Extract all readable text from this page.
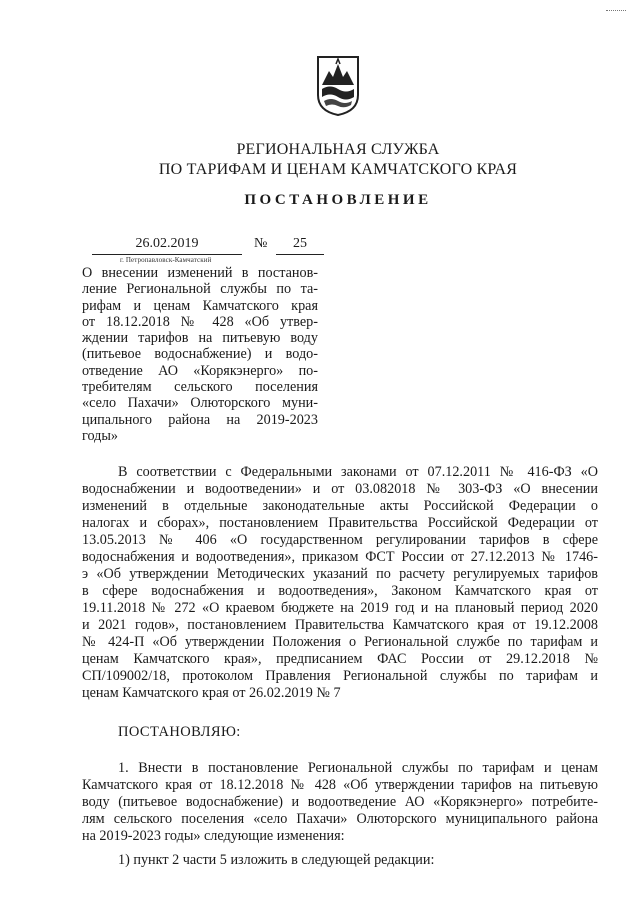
РЕГИОНАЛЬНАЯ СЛУЖБА
ПО ТАРИФАМ И ЦЕНАМ КАМЧАТСКОГО КРАЯ
ПОСТАНОВЛЕНИЕ
26.02.2019	№	25
г. Петропавловск-Камчатский
О внесении изменений в постанов-
ление Региональной службы по та-
рифам и ценам Камчатского края
от 18.12.2018 № 428 «Об утвер-
ждении тарифов на питьевую воду
(питьевое водоснабжение) и водо-
отведение АО «Корякэнерго» по-
требителям сельского поселения
«село Пахачи» Олюторского муни-
ципального района на 2019-2023
годы»
В соответствии с Федеральными законами от 07.12.2011 № 416-ФЗ «О
водоснабжении и водоотведении» и от 03.082018 № 303-ФЗ «О внесении
изменений в отдельные законодательные акты Российской Федерации о
налогах и сборах», постановлением Правительства Российской Федерации от
13.05.2013 № 406 «О государственном регулировании тарифов в сфере
водоснабжения и водоотведения», приказом ФСТ России от 27.12.2013 № 1746-
э «Об утверждении Методических указаний по расчету регулируемых тарифов
в сфере водоснабжения и водоотведения», Законом Камчатского края от
19.11.2018 № 272 «О краевом бюджете на 2019 год и на плановый период 2020
и 2021 годов», постановлением Правительства Камчатского края от 19.12.2008
№ 424-П «Об утверждении Положения о Региональной службе по тарифам и
ценам Камчатского края», предписанием ФАС России от 29.12.2018 №
СП/109002/18, протоколом Правления Региональной службы по тарифам и
ценам Камчатского края от 26.02.2019 № 7
ПОСТАНОВЛЯЮ:
1. Внести в постановление Региональной службы по тарифам и ценам
Камчатского края от 18.12.2018 № 428 «Об утверждении тарифов на питьевую
воду (питьевое водоснабжение) и водоотведение АО «Корякэнерго» потребите-
лям сельского поселения «село Пахачи» Олюторского муниципального района
на 2019-2023 годы» следующие изменения:
1) пункт 2 части 5 изложить в следующей редакции:
